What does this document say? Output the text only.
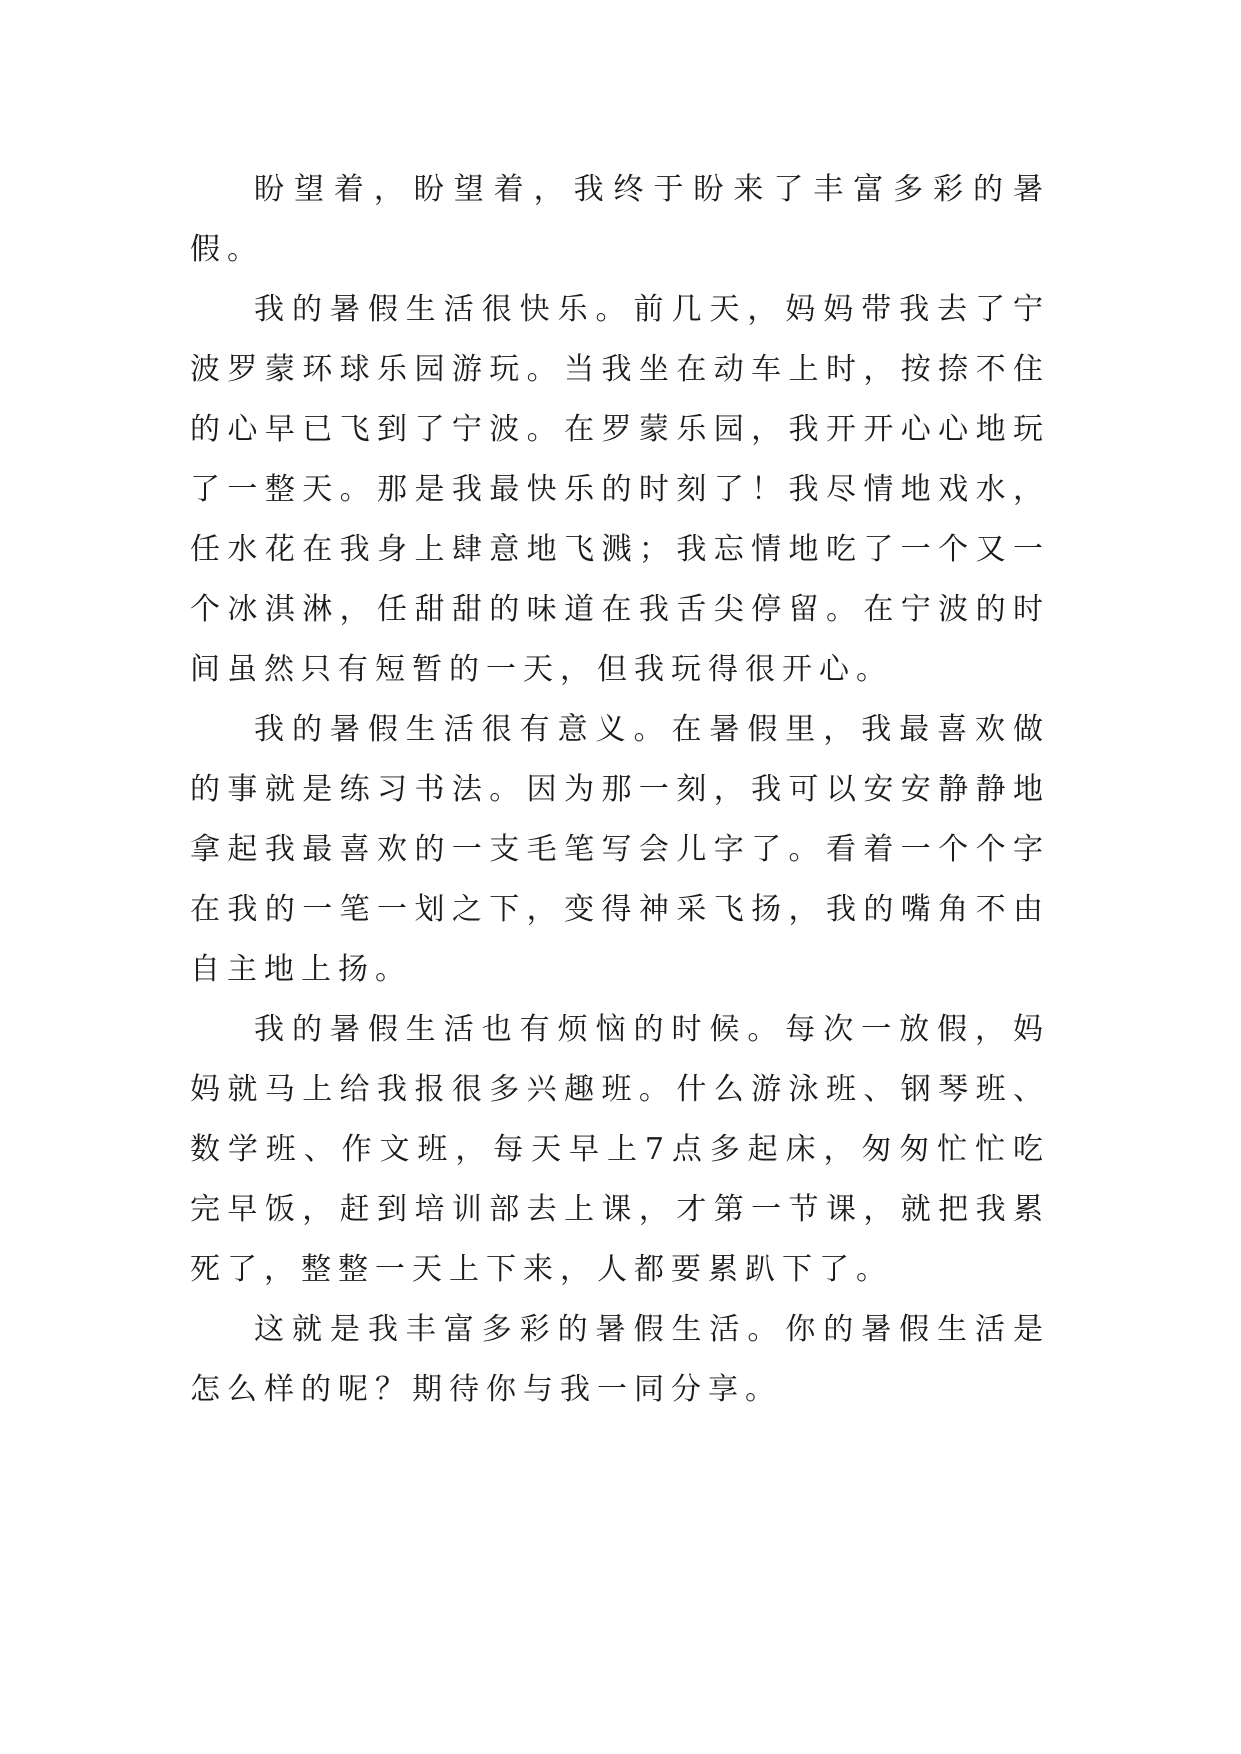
盼望着，盼望着，我终于盼来了丰富多彩的暑假。

我的暑假生活很快乐。前几天，妈妈带我去了宁波罗蒙环球乐园游玩。当我坐在动车上时，按捺不住的心早已飞到了宁波。在罗蒙乐园，我开开心心地玩了一整天。那是我最快乐的时刻了！我尽情地戏水，任水花在我身上肆意地飞溅；我忘情地吃了一个又一个冰淇淋，任甜甜的味道在我舌尖停留。在宁波的时间虽然只有短暂的一天，但我玩得很开心。

我的暑假生活很有意义。在暑假里，我最喜欢做的事就是练习书法。因为那一刻，我可以安安静静地拿起我最喜欢的一支毛笔写会儿字了。看着一个个字在我的一笔一划之下，变得神采飞扬，我的嘴角不由自主地上扬。

我的暑假生活也有烦恼的时候。每次一放假，妈妈就马上给我报很多兴趣班。什么游泳班、钢琴班、数学班、作文班，每天早上7点多起床，匆匆忙忙吃完早饭，赶到培训部去上课，才第一节课，就把我累死了，整整一天上下来，人都要累趴下了。

这就是我丰富多彩的暑假生活。你的暑假生活是怎么样的呢？期待你与我一同分享。
